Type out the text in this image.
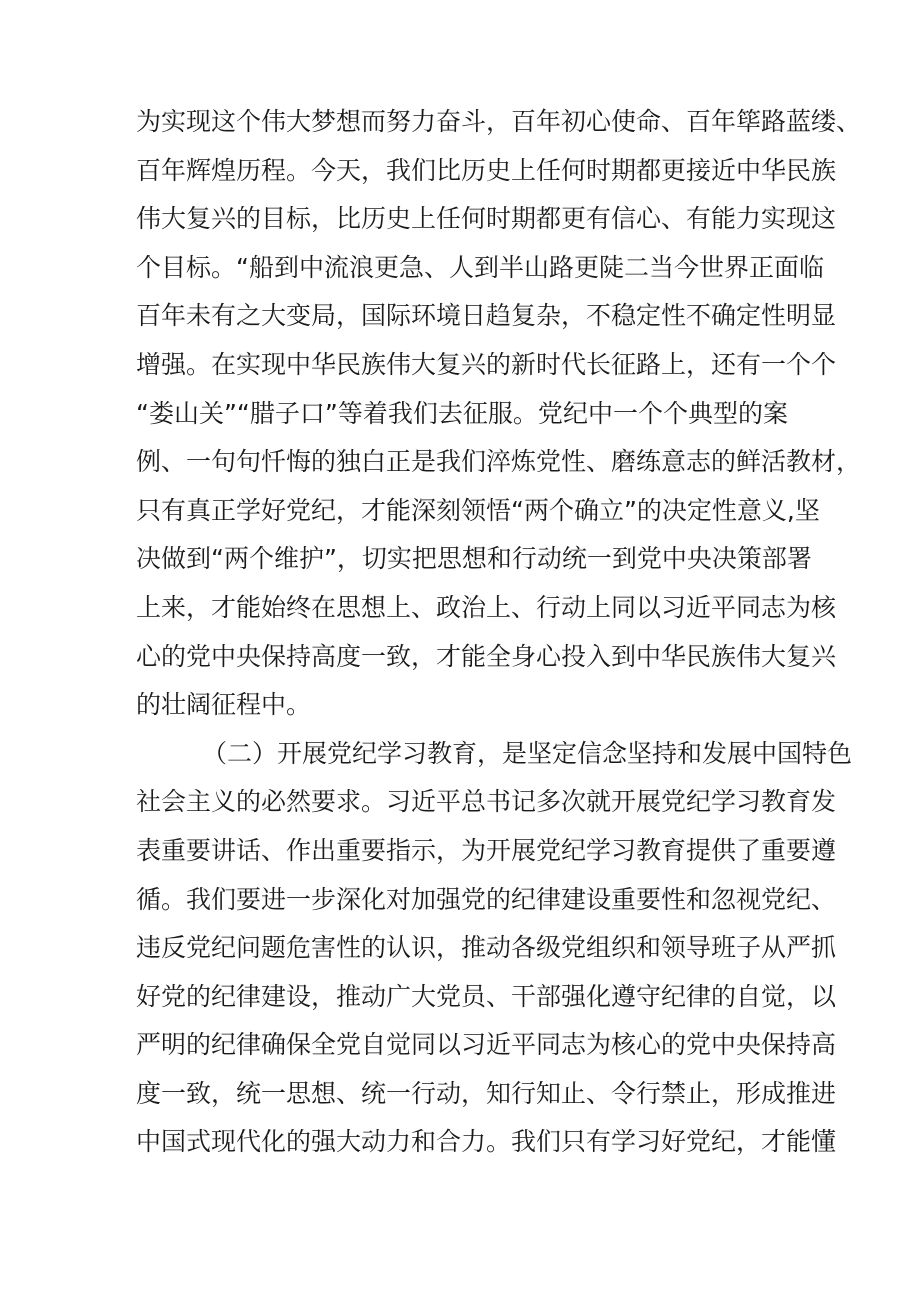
为实现这个伟大梦想而努力奋斗，百年初心使命、百年筚路蓝缕、
百年辉煌历程。今天，我们比历史上任何时期都更接近中华民族
伟大复兴的目标，比历史上任何时期都更有信心、有能力实现这
个目标。“船到中流浪更急、人到半山路更陡二当今世界正面临
百年未有之大变局，国际环境日趋复杂，不稳定性不确定性明显
增强。在实现中华民族伟大复兴的新时代长征路上，还有一个个
“娄山关”“腊子口”等着我们去征服。党纪中一个个典型的案
例、一句句忏悔的独白正是我们淬炼党性、磨练意志的鲜活教材，
只有真正学好党纪，才能深刻领悟“两个确立”的决定性意义,坚
决做到“两个维护”，切实把思想和行动统一到党中央决策部署
上来，才能始终在思想上、政治上、行动上同以习近平同志为核
心的党中央保持高度一致，才能全身心投入到中华民族伟大复兴
的壮阔征程中。
（二）开展党纪学习教育，是坚定信念坚持和发展中国特色
社会主义的必然要求。习近平总书记多次就开展党纪学习教育发
表重要讲话、作出重要指示，为开展党纪学习教育提供了重要遵
循。我们要进一步深化对加强党的纪律建设重要性和忽视党纪、
违反党纪问题危害性的认识，推动各级党组织和领导班子从严抓
好党的纪律建设，推动广大党员、干部强化遵守纪律的自觉，以
严明的纪律确保全党自觉同以习近平同志为核心的党中央保持高
度一致，统一思想、统一行动，知行知止、令行禁止，形成推进
中国式现代化的强大动力和合力。我们只有学习好党纪，才能懂
